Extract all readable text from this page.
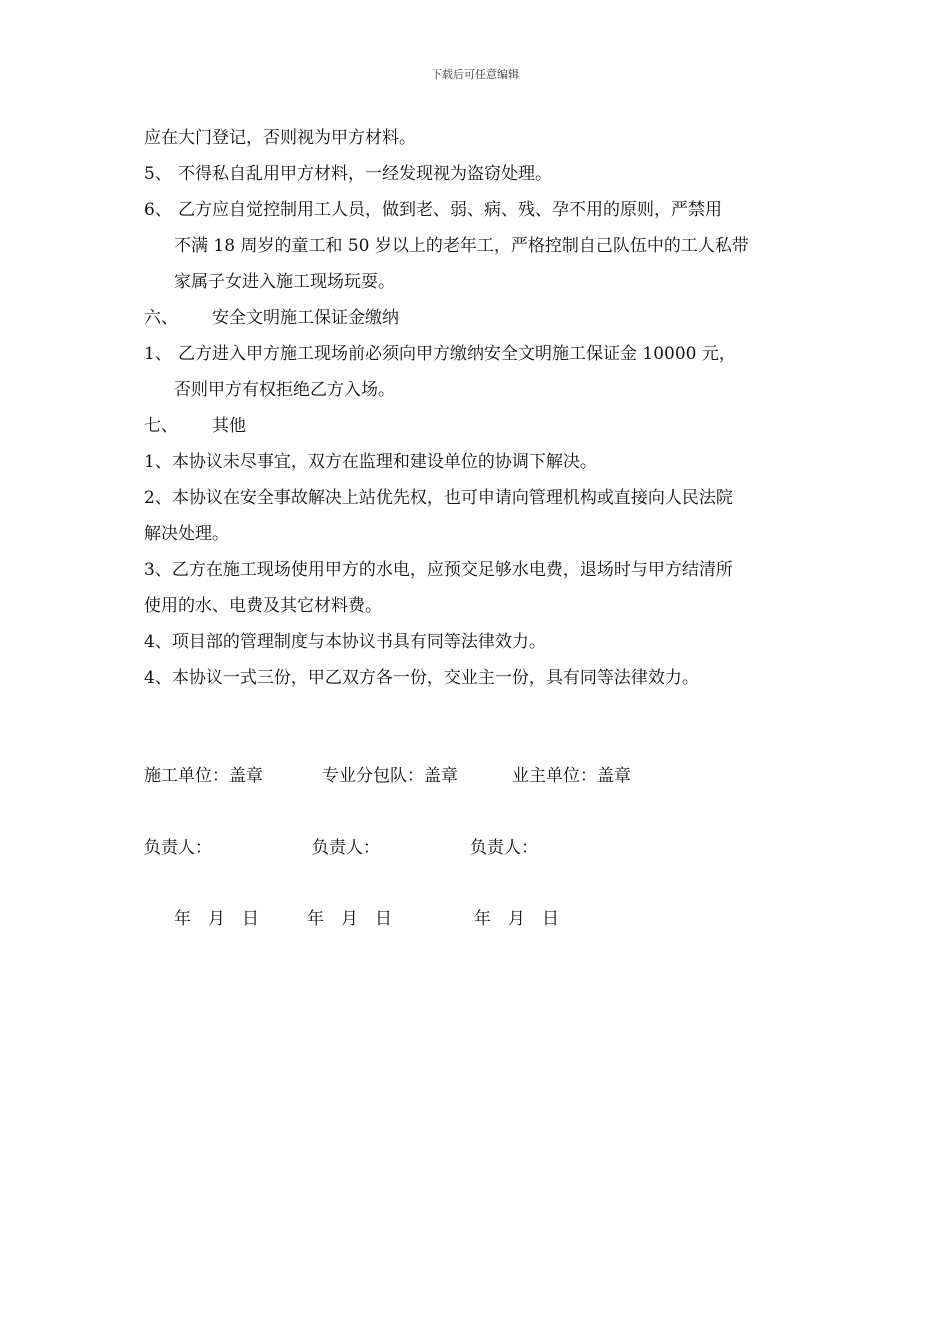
下载后可任意编辑
应在大门登记，否则视为甲方材料。
5、 不得私自乱用甲方材料，一经发现视为盗窃处理。
6、 乙方应自觉控制用工人员，做到老、弱、病、残、孕不用的原则，严禁用
不满 18 周岁的童工和 50 岁以上的老年工，严格控制自己队伍中的工人私带
家属子女进入施工现场玩耍。
六、 安全文明施工保证金缴纳
1、 乙方进入甲方施工现场前必须向甲方缴纳安全文明施工保证金 10000 元，
否则甲方有权拒绝乙方入场。
七、 其他
1、本协议未尽事宜，双方在监理和建设单位的协调下解决。
2、本协议在安全事故解决上站优先权，也可申请向管理机构或直接向人民法院
解决处理。
3、乙方在施工现场使用甲方的水电，应预交足够水电费，退场时与甲方结清所
使用的水、电费及其它材料费。
4、项目部的管理制度与本协议书具有同等法律效力。
4、本协议一式三份，甲乙双方各一份，交业主一份，具有同等法律效力。
施工单位：盖章	专业分包队：盖章	业主单位：盖章
负责人：	负责人：	负责人：
年　月　日	年　月　日	年　月　日
